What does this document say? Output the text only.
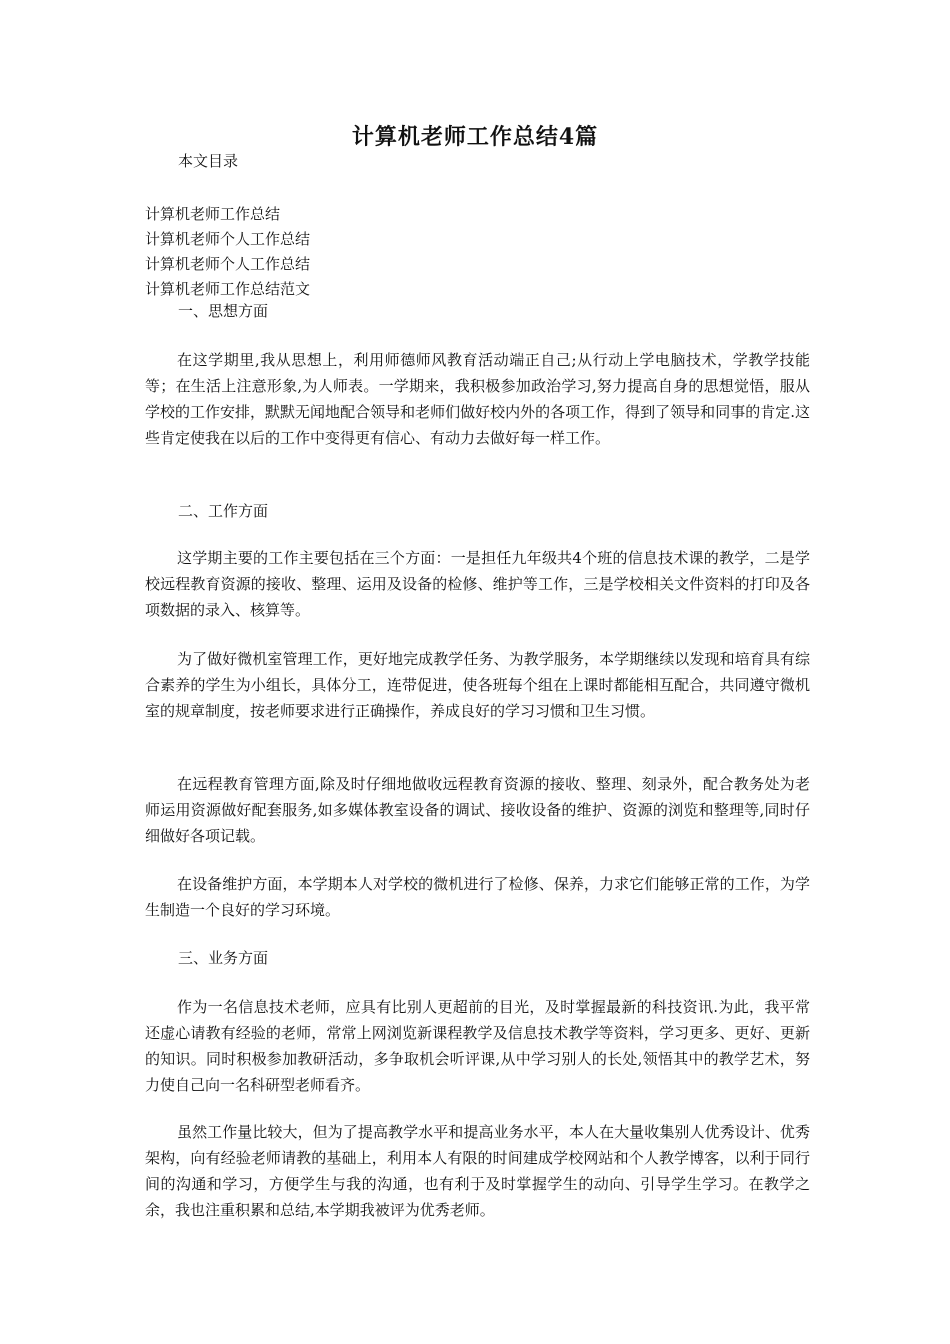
计算机老师工作总结4篇
本文目录
计算机老师工作总结
计算机老师个人工作总结
计算机老师个人工作总结
计算机老师工作总结范文
一、思想方面

在这学期里,我从思想上，利用师德师风教育活动端正自己;从行动上学电脑技术，学教学技能等；在生活上注意形象,为人师表。一学期来，我积极参加政治学习,努力提高自身的思想觉悟，服从学校的工作安排，默默无闻地配合领导和老师们做好校内外的各项工作，得到了领导和同事的肯定.这些肯定使我在以后的工作中变得更有信心、有动力去做好每一样工作。

二、工作方面

这学期主要的工作主要包括在三个方面：一是担任九年级共4个班的信息技术课的教学，二是学校远程教育资源的接收、整理、运用及设备的检修、维护等工作，三是学校相关文件资料的打印及各项数据的录入、核算等。

为了做好微机室管理工作，更好地完成教学任务、为教学服务，本学期继续以发现和培育具有综合素养的学生为小组长，具体分工，连带促进，使各班每个组在上课时都能相互配合，共同遵守微机室的规章制度，按老师要求进行正确操作，养成良好的学习习惯和卫生习惯。

在远程教育管理方面,除及时仔细地做收远程教育资源的接收、整理、刻录外，配合教务处为老师运用资源做好配套服务,如多媒体教室设备的调试、接收设备的维护、资源的浏览和整理等,同时仔细做好各项记载。

在设备维护方面，本学期本人对学校的微机进行了检修、保养，力求它们能够正常的工作，为学生制造一个良好的学习环境。

三、业务方面

作为一名信息技术老师，应具有比别人更超前的目光，及时掌握最新的科技资讯.为此，我平常还虚心请教有经验的老师，常常上网浏览新课程教学及信息技术教学等资料，学习更多、更好、更新的知识。同时积极参加教研活动，多争取机会听评课,从中学习别人的长处,领悟其中的教学艺术，努力使自己向一名科研型老师看齐。

虽然工作量比较大，但为了提高教学水平和提高业务水平，本人在大量收集别人优秀设计、优秀架构，向有经验老师请教的基础上，利用本人有限的时间建成学校网站和个人教学博客，以利于同行间的沟通和学习，方便学生与我的沟通，也有利于及时掌握学生的动向、引导学生学习。在教学之余，我也注重积累和总结,本学期我被评为优秀老师。
